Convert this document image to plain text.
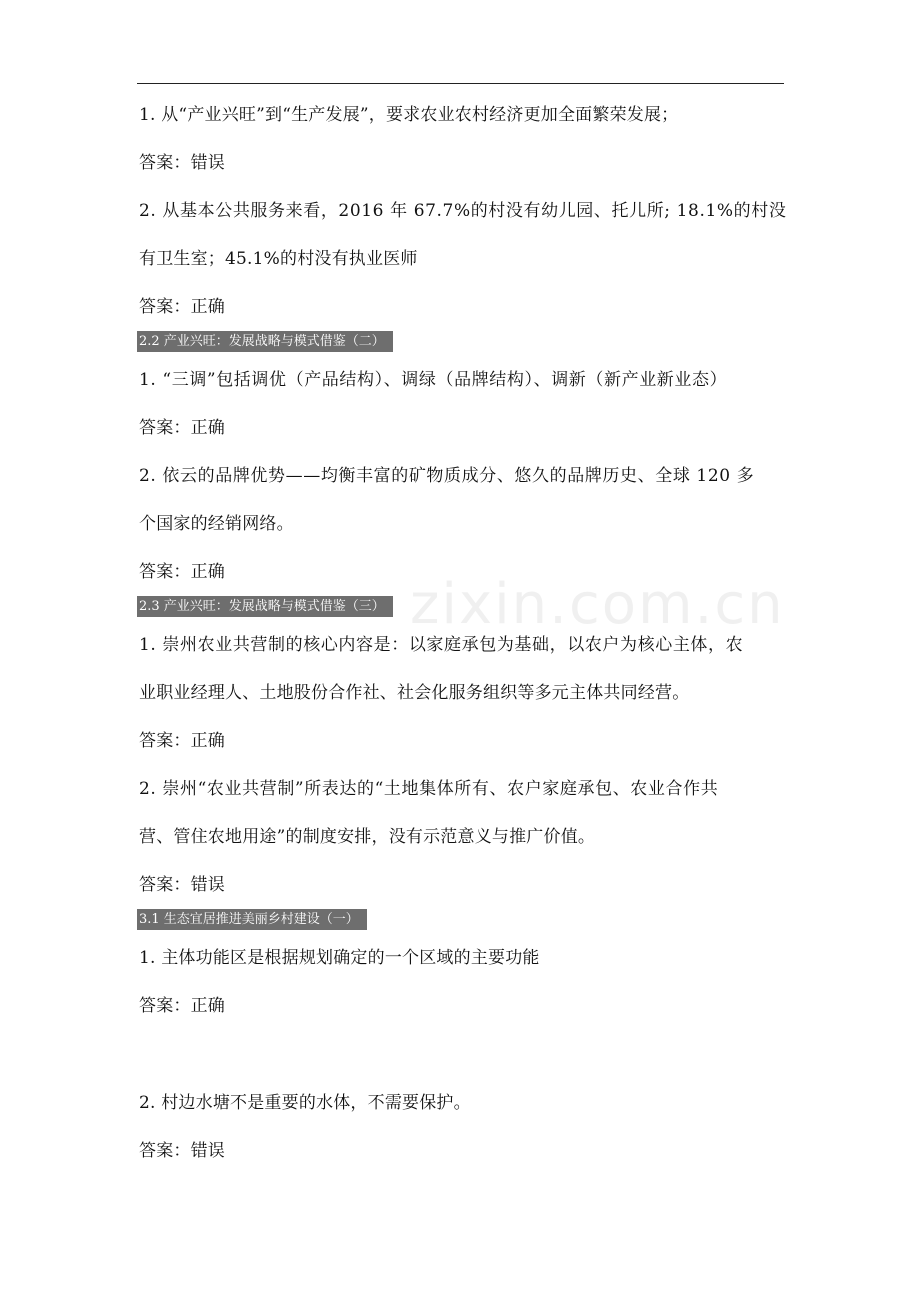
zixin.com.cn
1. 从“产业兴旺”到“生产发展”，要求农业农村经济更加全面繁荣发展；
答案：错误
2. 从基本公共服务来看，2016 年 67.7%的村没有幼儿园、托儿所; 18.1%的村没
有卫生室；45.1%的村没有执业医师
答案：正确
2.2 产业兴旺：发展战略与模式借鉴（二）
1. “三调”包括调优（产品结构）、调绿（品牌结构）、调新（新产业新业态）
答案：正确
2. 依云的品牌优势——均衡丰富的矿物质成分、悠久的品牌历史、全球 120 多
个国家的经销网络。
答案：正确
2.3 产业兴旺：发展战略与模式借鉴（三）
1. 崇州农业共营制的核心内容是：以家庭承包为基础，以农户为核心主体，农
业职业经理人、土地股份合作社、社会化服务组织等多元主体共同经营。
答案：正确
2. 崇州“农业共营制”所表达的“土地集体所有、农户家庭承包、农业合作共
营、管住农地用途”的制度安排，没有示范意义与推广价值。
答案：错误
3.1 生态宜居推进美丽乡村建设（一）
1. 主体功能区是根据规划确定的一个区域的主要功能
答案：正确
2. 村边水塘不是重要的水体，不需要保护。
答案：错误
